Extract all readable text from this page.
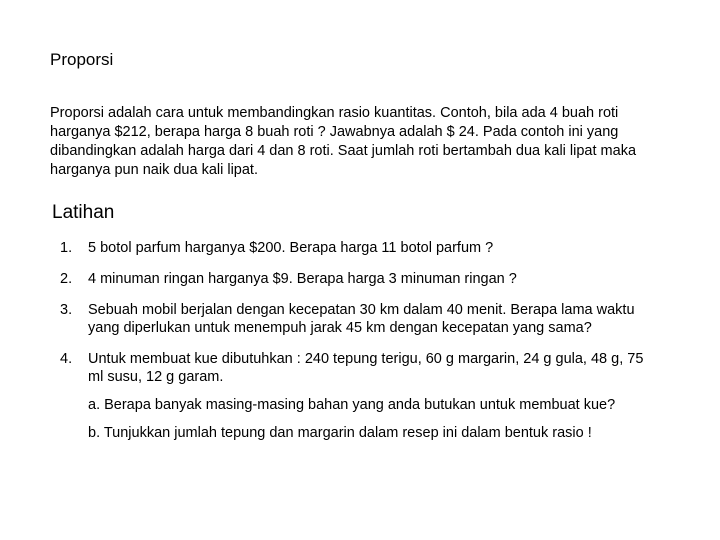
Proporsi

Proporsi adalah cara untuk membandingkan rasio kuantitas. Contoh, bila ada 4 buah roti harganya $212, berapa harga 8 buah roti ? Jawabnya adalah $ 24. Pada contoh ini yang dibandingkan adalah harga dari 4 dan 8 roti. Saat jumlah roti bertambah dua kali lipat maka harganya pun naik dua kali lipat.

Latihan
1. 5 botol parfum harganya $200. Berapa harga 11 botol parfum ?
2. 4 minuman ringan harganya $9. Berapa harga 3 minuman ringan ?
3. Sebuah mobil berjalan dengan kecepatan 30 km dalam 40 menit. Berapa lama waktu yang diperlukan untuk menempuh jarak 45 km dengan kecepatan yang sama?
4. Untuk membuat kue dibutuhkan : 240 tepung terigu, 60 g margarin, 24 g gula, 48 g, 75 ml susu, 12 g garam.
a. Berapa banyak masing-masing bahan yang anda butukan untuk membuat kue?
b. Tunjukkan jumlah tepung dan margarin dalam resep ini dalam bentuk rasio !
